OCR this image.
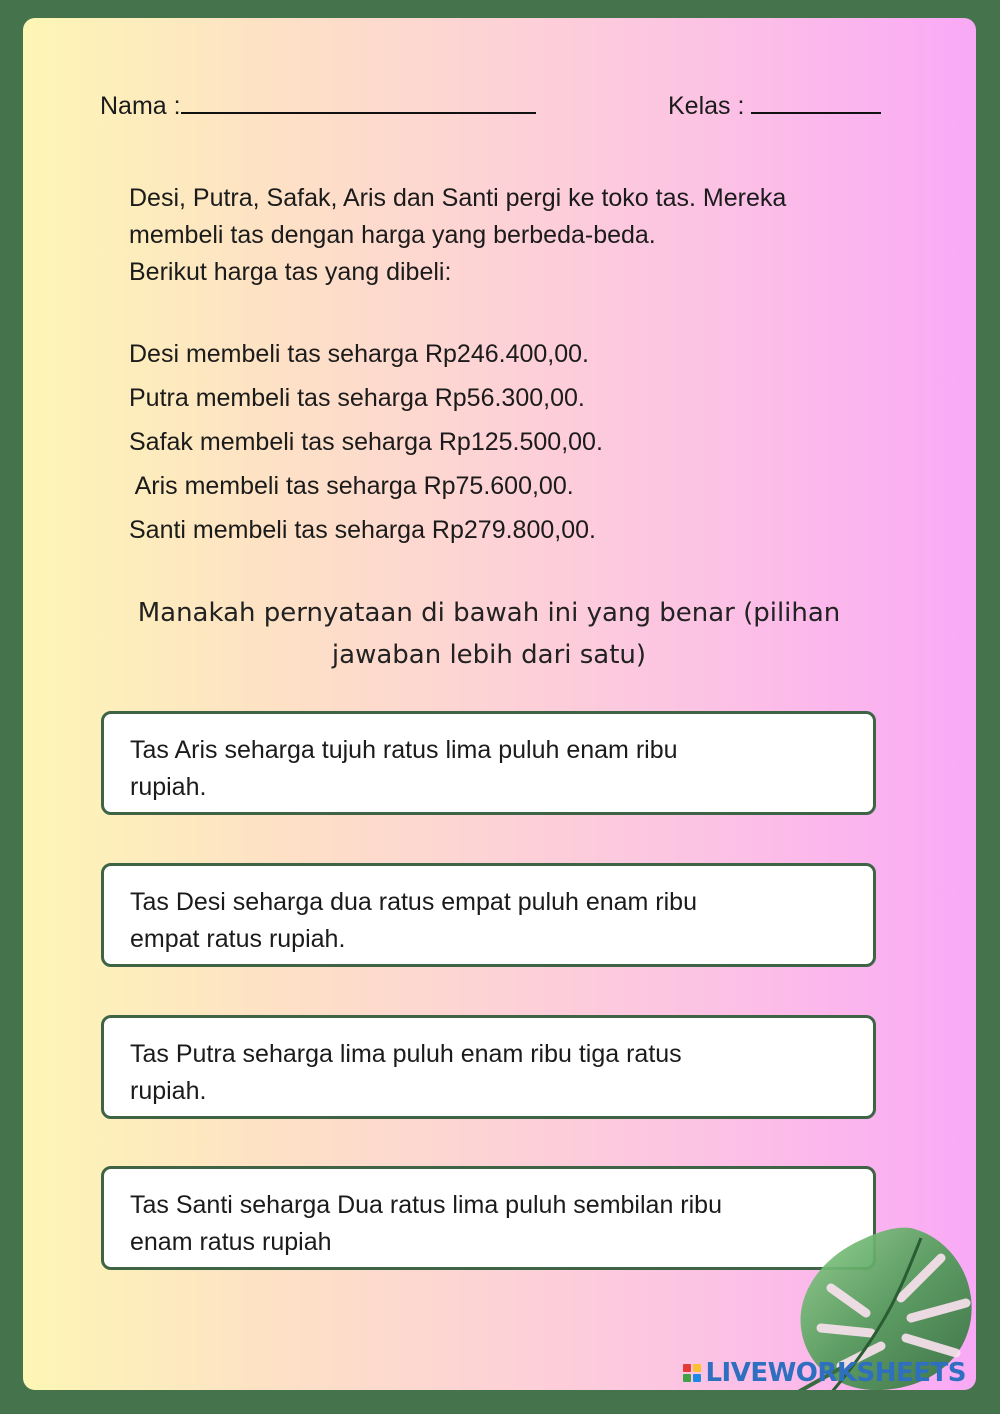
Nama :	Kelas :
Desi, Putra, Safak, Aris dan Santi pergi ke toko tas. Mereka
membeli tas dengan harga yang berbeda-beda.
Berikut harga tas yang dibeli:
Desi membeli tas seharga Rp246.400,00.
Putra membeli tas seharga Rp56.300,00.
Safak membeli tas seharga Rp125.500,00.
Aris membeli tas seharga Rp75.600,00.
Santi membeli tas seharga Rp279.800,00.
Manakah pernyataan di bawah ini yang benar (pilihan
jawaban lebih dari satu)
Tas Aris seharga tujuh ratus lima puluh enam ribu
rupiah.
Tas Desi seharga dua ratus empat puluh enam ribu
empat ratus rupiah.
Tas Putra seharga lima puluh enam ribu tiga ratus
rupiah.
Tas Santi seharga Dua ratus lima puluh sembilan ribu
enam ratus rupiah
LIVEWORKSHEETS
